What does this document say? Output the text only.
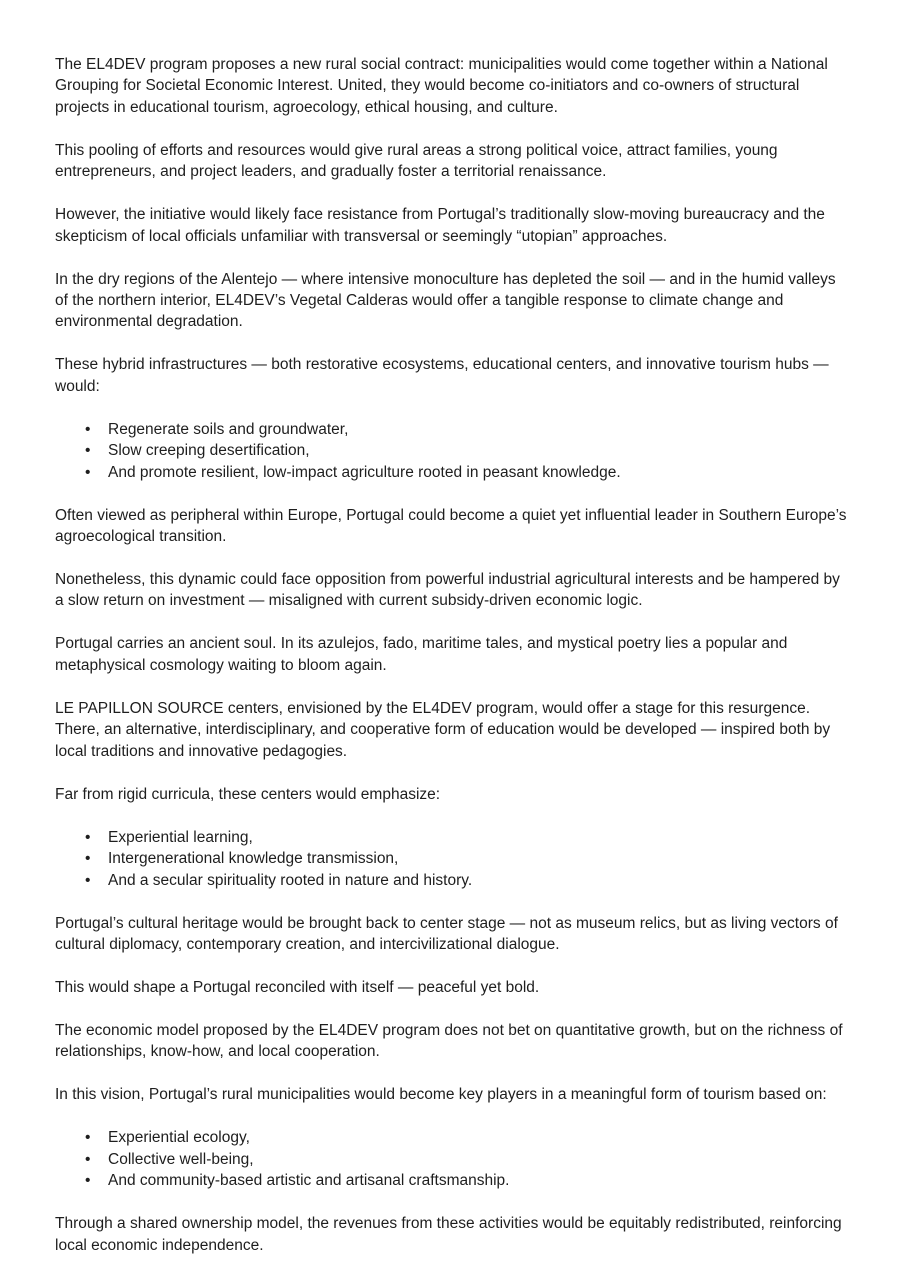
The EL4DEV program proposes a new rural social contract: municipalities would come together within a National Grouping for Societal Economic Interest. United, they would become co-initiators and co-owners of structural projects in educational tourism, agroecology, ethical housing, and culture.

This pooling of efforts and resources would give rural areas a strong political voice, attract families, young entrepreneurs, and project leaders, and gradually foster a territorial renaissance.

However, the initiative would likely face resistance from Portugal’s traditionally slow-moving bureaucracy and the skepticism of local officials unfamiliar with transversal or seemingly “utopian” approaches.

In the dry regions of the Alentejo — where intensive monoculture has depleted the soil — and in the humid valleys of the northern interior, EL4DEV’s Vegetal Calderas would offer a tangible response to climate change and environmental degradation.

These hybrid infrastructures — both restorative ecosystems, educational centers, and innovative tourism hubs — would:

• Regenerate soils and groundwater,
• Slow creeping desertification,
• And promote resilient, low-impact agriculture rooted in peasant knowledge.

Often viewed as peripheral within Europe, Portugal could become a quiet yet influential leader in Southern Europe’s agroecological transition.

Nonetheless, this dynamic could face opposition from powerful industrial agricultural interests and be hampered by a slow return on investment — misaligned with current subsidy-driven economic logic.

Portugal carries an ancient soul. In its azulejos, fado, maritime tales, and mystical poetry lies a popular and metaphysical cosmology waiting to bloom again.

LE PAPILLON SOURCE centers, envisioned by the EL4DEV program, would offer a stage for this resurgence. There, an alternative, interdisciplinary, and cooperative form of education would be developed — inspired both by local traditions and innovative pedagogies.

Far from rigid curricula, these centers would emphasize:

• Experiential learning,
• Intergenerational knowledge transmission,
• And a secular spirituality rooted in nature and history.

Portugal’s cultural heritage would be brought back to center stage — not as museum relics, but as living vectors of cultural diplomacy, contemporary creation, and intercivilizational dialogue.

This would shape a Portugal reconciled with itself — peaceful yet bold.

The economic model proposed by the EL4DEV program does not bet on quantitative growth, but on the richness of relationships, know-how, and local cooperation.

In this vision, Portugal’s rural municipalities would become key players in a meaningful form of tourism based on:

• Experiential ecology,
• Collective well-being,
• And community-based artistic and artisanal craftsmanship.

Through a shared ownership model, the revenues from these activities would be equitably redistributed, reinforcing local economic independence.
